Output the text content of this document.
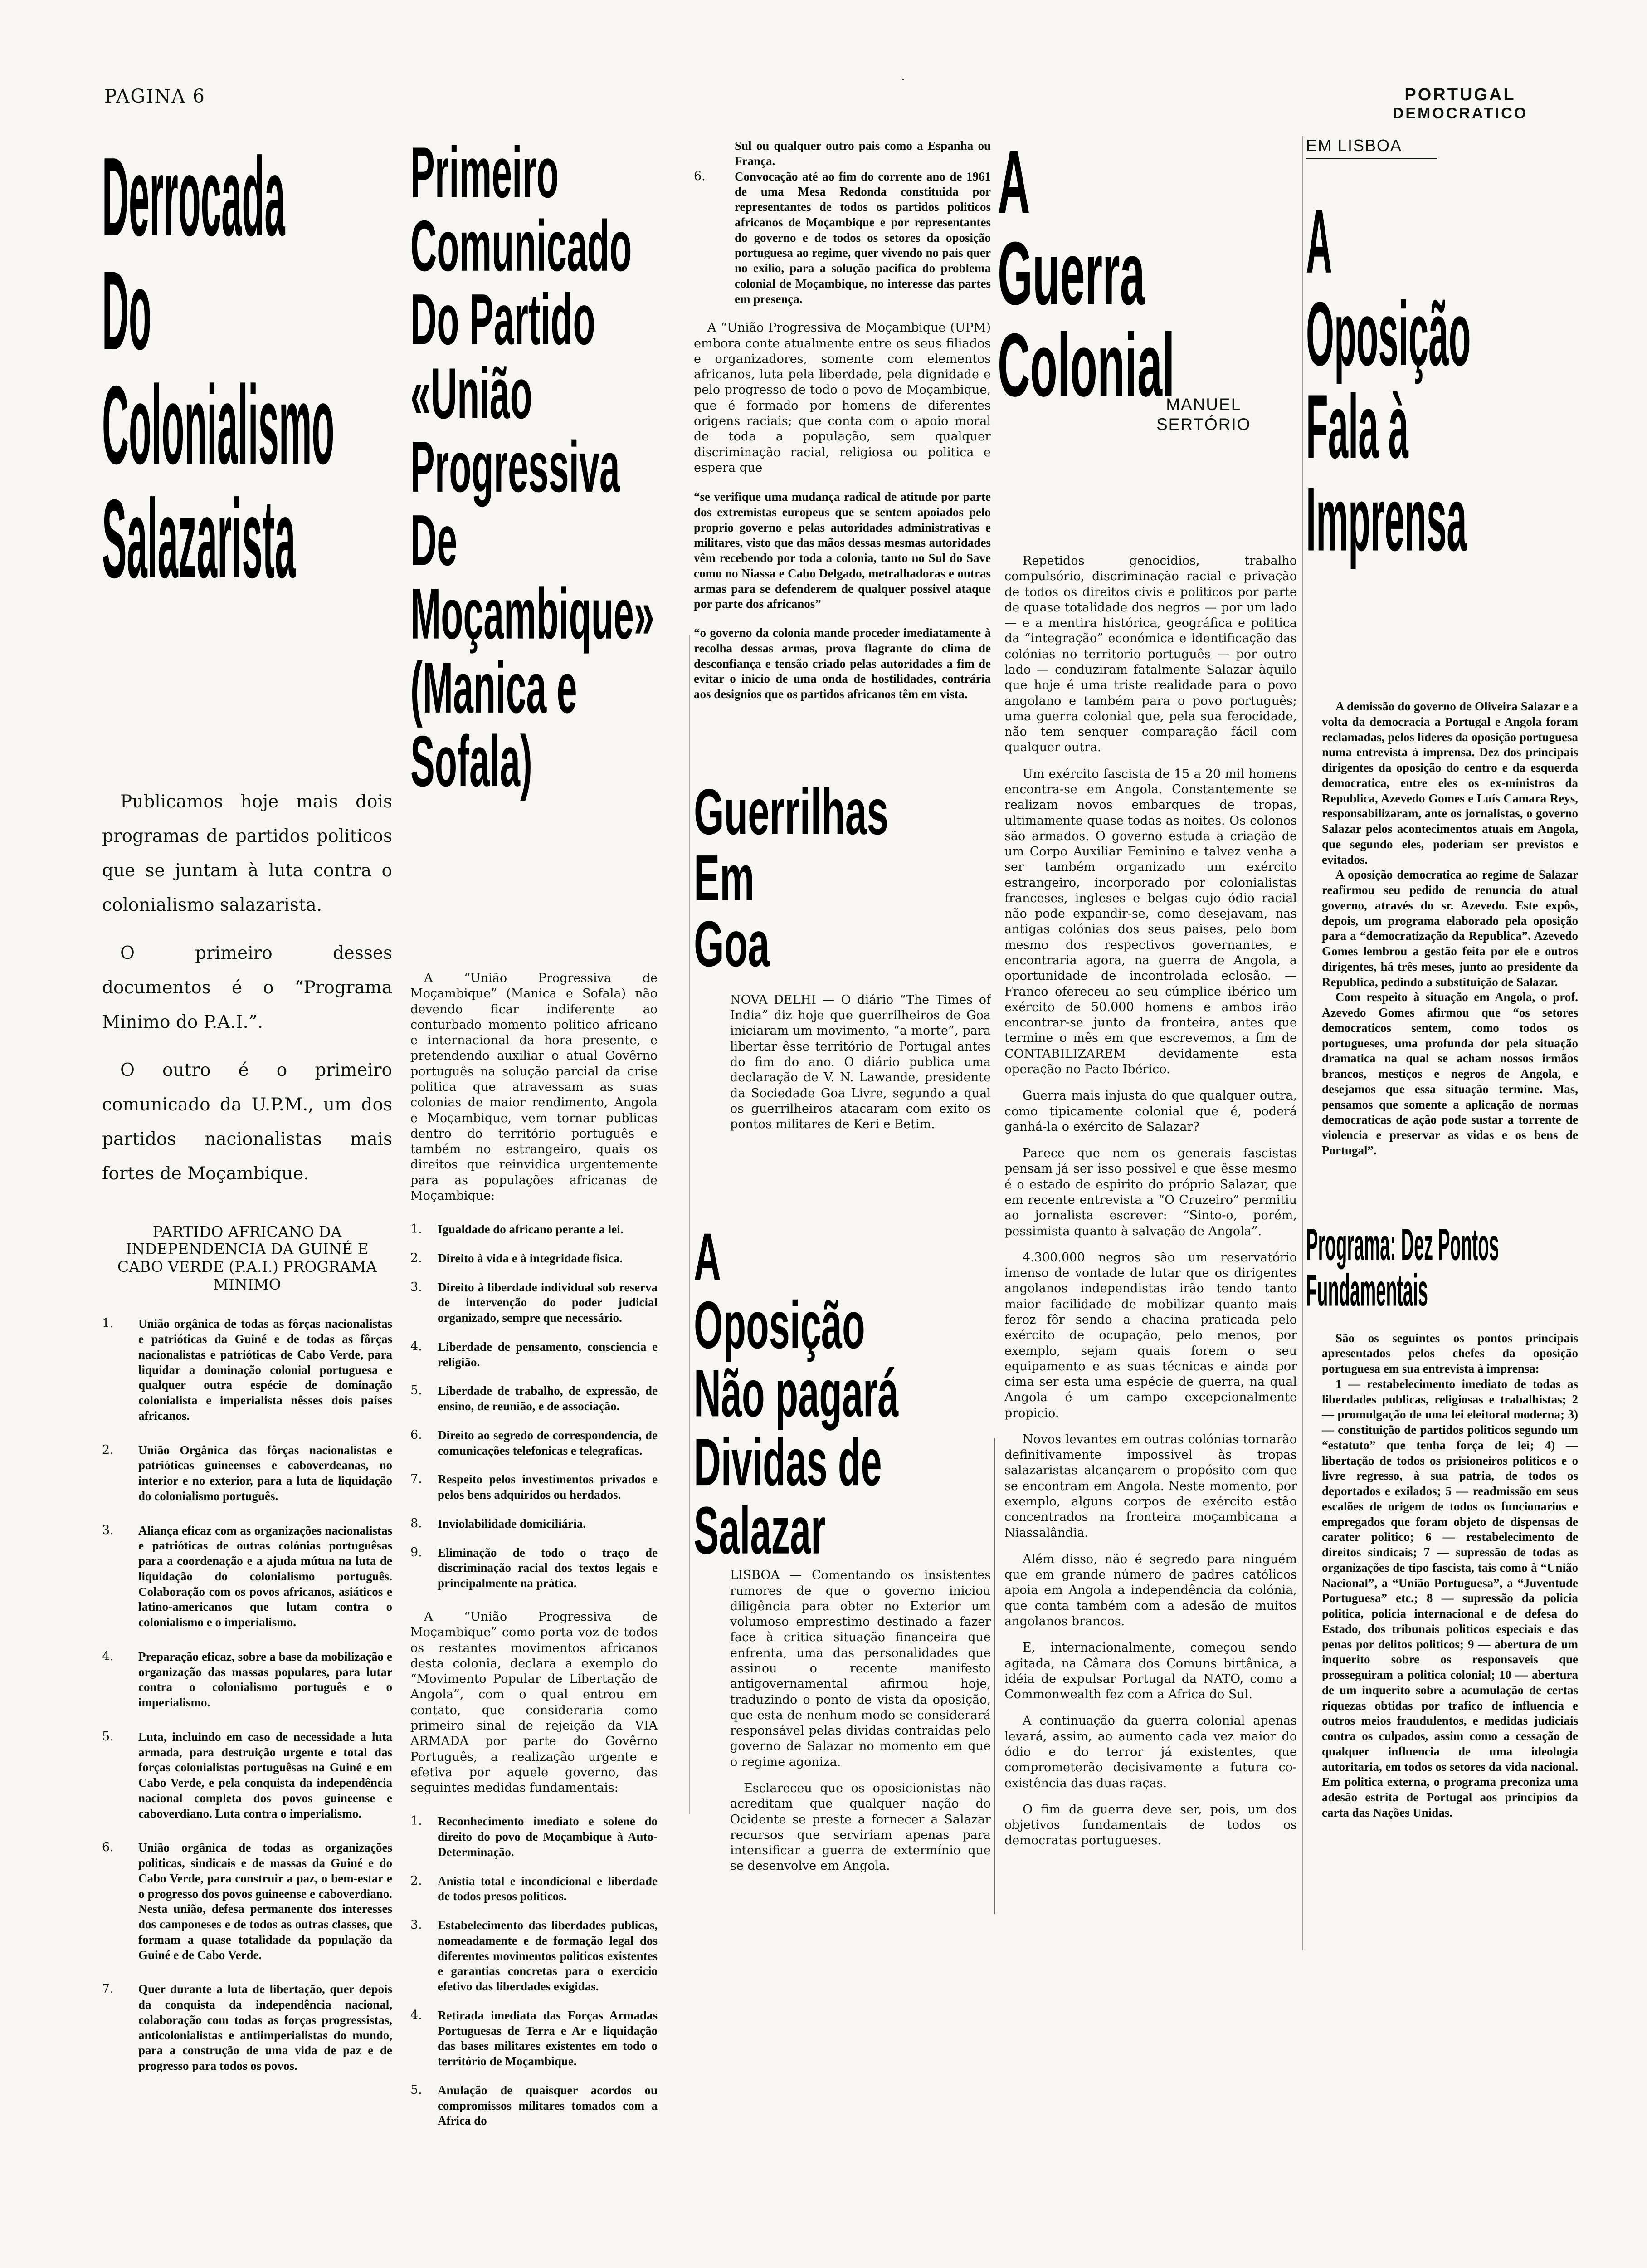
PAGINA 6	PORTUGAL
DEMOCRATICO
Derrocada
Do
Colonialismo
Salazarista

Publicamos hoje mais dois programas de partidos politicos que se juntam à luta contra o colonialismo salazarista.

O primeiro desses documentos é o “Programa Minimo do P.A.I.”.

O outro é o primeiro comunicado da U.P.M., um dos partidos nacionalistas mais fortes de Moçambique.

PARTIDO AFRICANO DA INDEPENDENCIA DA GUINÉ E CABO VERDE (P.A.I.) PROGRAMA MINIMO

1.	União orgânica de todas as fôrças nacionalistas e patrióticas da Guiné e de todas as fôrças nacionalistas e patrióticas de Cabo Verde, para liquidar a dominação colonial portuguesa e qualquer outra espécie de dominação colonialista e imperialista nêsses dois países africanos.
2.	União Orgânica das fôrças nacionalistas e patrióticas guineenses e caboverdeanas, no interior e no exterior, para a luta de liquidação do colonialismo português.
3.	Aliança eficaz com as organizações nacionalistas e patrióticas de outras colónias portuguêsas para a coordenação e a ajuda mútua na luta de liquidação do colonialismo português. Colaboração com os povos africanos, asiáticos e latino-americanos que lutam contra o colonialismo e o imperialismo.
4.	Preparação eficaz, sobre a base da mobilização e organização das massas populares, para lutar contra o colonialismo português e o imperialismo.
5.	Luta, incluindo em caso de necessidade a luta armada, para destruição urgente e total das forças colonialistas portuguêsas na Guiné e em Cabo Verde, e pela conquista da independência nacional completa dos povos guineense e caboverdiano. Luta contra o imperialismo.
6.	União orgânica de todas as organizações politicas, sindicais e de massas da Guiné e do Cabo Verde, para construir a paz, o bem-estar e o progresso dos povos guineense e caboverdiano. Nesta união, defesa permanente dos interesses dos camponeses e de todos as outras classes, que formam a quase totalidade da população da Guiné e de Cabo Verde.
7.	Quer durante a luta de libertação, quer depois da conquista da independência nacional, colaboração com todas as forças progressistas, anticolonialistas e antiimperialistas do mundo, para a construção de uma vida de paz e de progresso para todos os povos.
Primeiro
Comunicado
Do Partido
«União
Progressiva
De
Moçambique»
(Manica e
Sofala)

A “União Progressiva de Moçambique” (Manica e Sofala) não devendo ficar indiferente ao conturbado momento politico africano e internacional da hora presente, e pretendendo auxiliar o atual Govêrno português na solução parcial da crise politica que atravessam as suas colonias de maior rendimento, Angola e Moçambique, vem tornar publicas dentro do território português e também no estrangeiro, quais os direitos que reinvidica urgentemente para as populações africanas de Moçambique:

1.	Igualdade do africano perante a lei.
2.	Direito à vida e à integridade fisica.
3.	Direito à liberdade individual sob reserva de intervenção do poder judicial organizado, sempre que necessário.
4.	Liberdade de pensamento, consciencia e religião.
5.	Liberdade de trabalho, de expressão, de ensino, de reunião, e de associação.
6.	Direito ao segredo de correspondencia, de comunicações telefonicas e telegraficas.
7.	Respeito pelos investimentos privados e pelos bens adquiridos ou herdados.
8.	Inviolabilidade domiciliária.
9.	Eliminação de todo o traço de discriminação racial dos textos legais e principalmente na prática.

A “União Progressiva de Moçambique” como porta voz de todos os restantes movimentos africanos desta colonia, declara a exemplo do “Movimento Popular de Libertação de Angola”, com o qual entrou em contato, que consideraria como primeiro sinal de rejeição da VIA ARMADA por parte do Govêrno Português, a realização urgente e efetiva por aquele governo, das seguintes medidas fundamentais:

1.	Reconhecimento imediato e solene do direito do povo de Moçambique à Auto-Determinação.
2.	Anistia total e incondicional e liberdade de todos presos politicos.
3.	Estabelecimento das liberdades publicas, nomeadamente e de formação legal dos diferentes movimentos politicos existentes e garantias concretas para o exercicio efetivo das liberdades exigidas.
4.	Retirada imediata das Forças Armadas Portuguesas de Terra e Ar e liquidação das bases militares existentes em todo o território de Moçambique.
5.	Anulação de quaisquer acordos ou compromissos militares tomados com a Africa do

Sul ou qualquer outro pais como a Espanha ou França.

6.	Convocação até ao fim do corrente ano de 1961 de uma Mesa Redonda constituida por representantes de todos os partidos politicos africanos de Moçambique e por representantes do governo e de todos os setores da oposição portuguesa ao regime, quer vivendo no pais quer no exilio, para a solução pacifica do problema colonial de Moçambique, no interesse das partes em presença.

A “União Progressiva de Moçambique (UPM) embora conte atualmente entre os seus filiados e organizadores, somente com elementos africanos, luta pela liberdade, pela dignidade e pelo progresso de todo o povo de Moçambique, que é formado por homens de diferentes origens raciais; que conta com o apoio moral de toda a população, sem qualquer discriminação racial, religiosa ou politica e espera que

“se verifique uma mudança radical de atitude por parte dos extremistas europeus que se sentem apoiados pelo proprio governo e pelas autoridades administrativas e militares, visto que das mãos dessas mesmas autoridades vêm recebendo por toda a colonia, tanto no Sul do Save como no Niassa e Cabo Delgado, metralhadoras e outras armas para se defenderem de qualquer possivel ataque por parte dos africanos”

“o governo da colonia mande proceder imediatamente à recolha dessas armas, prova flagrante do clima de desconfiança e tensão criado pelas autoridades a fim de evitar o inicio de uma onda de hostilidades, contrária aos designios que os partidos africanos têm em vista.

Guerrilhas
Em
Goa

NOVA DELHI — O diário “The Times of India” diz hoje que guerrilheiros de Goa iniciaram um movimento, “a morte”, para libertar êsse território de Portugal antes do fim do ano. O diário publica uma declaração de V. N. Lawande, presidente da Sociedade Goa Livre, segundo a qual os guerrilheiros atacaram com exito os pontos militares de Keri e Betim.

A
Oposição
Não pagará
Dividas de
Salazar

LISBOA — Comentando os insistentes rumores de que o governo iniciou diligência para obter no Exterior um volumoso emprestimo destinado a fazer face à critica situação financeira que enfrenta, uma das personalidades que assinou o recente manifesto antigovernamental afirmou hoje, traduzindo o ponto de vista da oposição, que esta de nenhum modo se considerará responsável pelas dividas contraidas pelo governo de Salazar no momento em que o regime agoniza.

Esclareceu que os oposicionistas não acreditam que qualquer nação do Ocidente se preste a fornecer a Salazar recursos que serviriam apenas para intensificar a guerra de extermínio que se desenvolve em Angola.

A
Guerra
Colonial
MANUEL
SERTÓRIO

Repetidos genocidios, trabalho compulsório, discriminação racial e privação de todos os direitos civis e politicos por parte de quase totalidade dos negros — por um lado — e a mentira histórica, geográfica e politica da “integração” económica e identificação das colónias no territorio português — por outro lado — conduziram fatalmente Salazar àquilo que hoje é uma triste realidade para o povo angolano e também para o povo português; uma guerra colonial que, pela sua ferocidade, não tem senquer comparação fácil com qualquer outra.

Um exército fascista de 15 a 20 mil homens encontra-se em Angola. Constantemente se realizam novos embarques de tropas, ultimamente quase todas as noites. Os colonos são armados. O governo estuda a criação de um Corpo Auxiliar Feminino e talvez venha a ser também organizado um exército estrangeiro, incorporado por colonialistas franceses, ingleses e belgas cujo ódio racial não pode expandir-se, como desejavam, nas antigas colónias dos seus paises, pelo bom mesmo dos respectivos governantes, e encontraria agora, na guerra de Angola, a oportunidade de incontrolada eclosão. — Franco ofereceu ao seu cúmplice ibérico um exército de 50.000 homens e ambos irão encontrar-se junto da fronteira, antes que termine o mês em que escrevemos, a fim de CONTABILIZAREM devidamente esta operação no Pacto Ibérico.

Guerra mais injusta do que qualquer outra, como tipicamente colonial que é, poderá ganhá-la o exército de Salazar?

Parece que nem os generais fascistas pensam já ser isso possivel e que êsse mesmo é o estado de espirito do próprio Salazar, que em recente entrevista a “O Cruzeiro” permitiu ao jornalista escrever: “Sinto-o, porém, pessimista quanto à salvação de Angola”.

4.300.000 negros são um reservatório imenso de vontade de lutar que os dirigentes angolanos independistas irão tendo tanto maior facilidade de mobilizar quanto mais feroz fôr sendo a chacina praticada pelo exército de ocupação, pelo menos, por exemplo, sejam quais forem o seu equipamento e as suas técnicas e ainda por cima ser esta uma espécie de guerra, na qual Angola é um campo excepcionalmente propicio.

Novos levantes em outras colónias tornarão definitivamente impossivel às tropas salazaristas alcançarem o propósito com que se encontram em Angola. Neste momento, por exemplo, alguns corpos de exército estão concentrados na fronteira moçambicana a Niassalândia.

Além disso, não é segredo para ninguém que em grande número de padres católicos apoia em Angola a independência da colónia, que conta também com a adesão de muitos angolanos brancos.

E, internacionalmente, começou sendo agitada, na Câmara dos Comuns birtânica, a idéia de expulsar Portugal da NATO, como a Commonwealth fez com a Africa do Sul.

A continuação da guerra colonial apenas levará, assim, ao aumento cada vez maior do ódio e do terror já existentes, que comprometerão decisivamente a futura co-existência das duas raças.

O fim da guerra deve ser, pois, um dos objetivos fundamentais de todos os democratas portugueses.

EM LISBOA
A
Oposição
Fala à
Imprensa

A demissão do governo de Oliveira Salazar e a volta da democracia a Portugal e Angola foram reclamadas, pelos lideres da oposição portuguesa numa entrevista à imprensa. Dez dos principais dirigentes da oposição do centro e da esquerda democratica, entre eles os ex-ministros da Republica, Azevedo Gomes e Luís Camara Reys, responsabilizaram, ante os jornalistas, o governo Salazar pelos acontecimentos atuais em Angola, que segundo eles, poderiam ser previstos e evitados.

A oposição democratica ao regime de Salazar reafirmou seu pedido de renuncia do atual governo, através do sr. Azevedo. Este expôs, depois, um programa elaborado pela oposição para a “democratização da Republica”. Azevedo Gomes lembrou a gestão feita por ele e outros dirigentes, há três meses, junto ao presidente da Republica, pedindo a substituição de Salazar.

Com respeito à situação em Angola, o prof. Azevedo Gomes afirmou que “os setores democraticos sentem, como todos os portugueses, uma profunda dor pela situação dramatica na qual se acham nossos irmãos brancos, mestiços e negros de Angola, e desejamos que essa situação termine. Mas, pensamos que somente a aplicação de normas democraticas de ação pode sustar a torrente de violencia e preservar as vidas e os bens de Portugal”.

Programa: Dez Pontos
Fundamentais

São os seguintes os pontos principais apresentados pelos chefes da oposição portuguesa em sua entrevista à imprensa:

1 — restabelecimento imediato de todas as liberdades publicas, religiosas e trabalhistas; 2 — promulgação de uma lei eleitoral moderna; 3) — constituição de partidos politicos segundo um “estatuto” que tenha força de lei; 4) — libertação de todos os prisioneiros politicos e o livre regresso, à sua patria, de todos os deportados e exilados; 5 — readmissão em seus escalões de origem de todos os funcionarios e empregados que foram objeto de dispensas de carater politico; 6 — restabelecimento de direitos sindicais; 7 — supressão de todas as organizações de tipo fascista, tais como à “União Nacional”, a “União Portuguesa”, a “Juventude Portuguesa” etc.; 8 — supressão da policia politica, policia internacional e de defesa do Estado, dos tribunais politicos especiais e das penas por delitos politicos; 9 — abertura de um inquerito sobre os responsaveis que prosseguiram a politica colonial; 10 — abertura de um inquerito sobre a acumulação de certas riquezas obtidas por trafico de influencia e outros meios fraudulentos, e medidas judiciais contra os culpados, assim como a cessação de qualquer influencia de uma ideologia autoritaria, em todos os setores da vida nacional. Em politica externa, o programa preconiza uma adesão estrita de Portugal aos principios da carta das Nações Unidas.
